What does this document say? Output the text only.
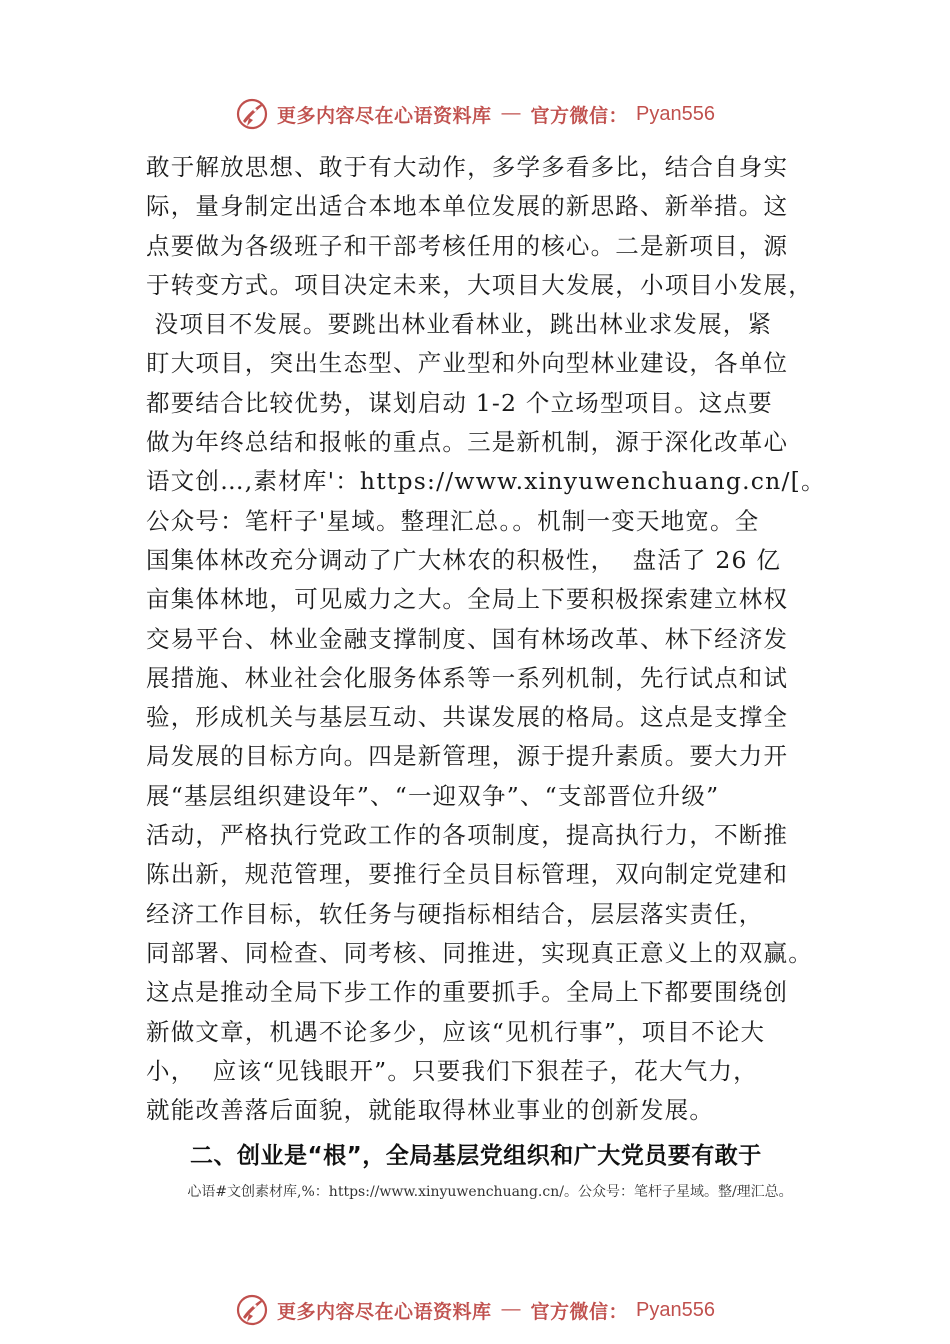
更多内容尽在心语资料库 — 官方微信： Pyan556
敢于解放思想、敢于有大动作，多学多看多比，结合自身实
际，量身制定出适合本地本单位发展的新思路、新举措。这
点要做为各级班子和干部考核任用的核心。二是新项目，源
于转变方式。项目决定未来，大项目大发展，小项目小发展，
没项目不发展。要跳出林业看林业，跳出林业求发展，紧
盯大项目，突出生态型、产业型和外向型林业建设，各单位
都要结合比较优势，谋划启动 1-2 个立场型项目。这点要
做为年终总结和报帐的重点。三是新机制，源于深化改革心
语文创…,素材库'：https://www.xinyuwenchuang.cn/[。
公众号：笔杆子'星域。整理汇总。。机制一变天地宽。全
国集体林改充分调动了广大林农的积极性，  盘活了 26 亿
亩集体林地，可见威力之大。全局上下要积极探索建立林权
交易平台、林业金融支撑制度、国有林场改革、林下经济发
展措施、林业社会化服务体系等一系列机制，先行试点和试
验，形成机关与基层互动、共谋发展的格局。这点是支撑全
局发展的目标方向。四是新管理，源于提升素质。要大力开
展“基层组织建设年”、“一迎双争”、“支部晋位升级”
活动，严格执行党政工作的各项制度，提高执行力，不断推
陈出新，规范管理，要推行全员目标管理，双向制定党建和
经济工作目标，软任务与硬指标相结合，层层落实责任，
同部署、同检查、同考核、同推进，实现真正意义上的双赢。
这点是推动全局下步工作的重要抓手。全局上下都要围绕创
新做文章，机遇不论多少，应该“见机行事”，项目不论大
小，  应该“见钱眼开”。只要我们下狠茬子，花大气力，
就能改善落后面貌，就能取得林业事业的创新发展。
二、创业是“根”，全局基层党组织和广大党员要有敢于
心语#文创素材库,%：https://www.xinyuwenchuang.cn/。公众号：笔杆子星域。整/理汇总。
更多内容尽在心语资料库 — 官方微信： Pyan556
